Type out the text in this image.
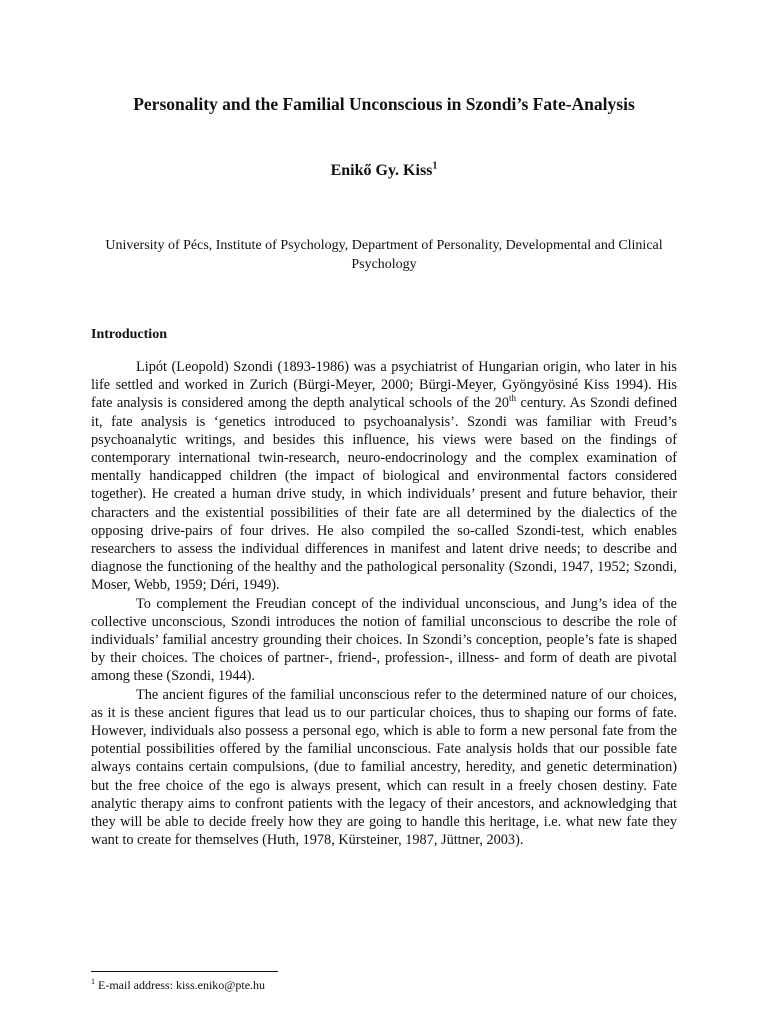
Personality and the Familial Unconscious in Szondi’s Fate-Analysis
Enikő Gy. Kiss$^1$
University of Pécs, Institute of Psychology, Department of Personality, Developmental and Clinical Psychology
Introduction

Lipót (Leopold) Szondi (1893-1986) was a psychiatrist of Hungarian origin, who later in his life settled and worked in Zurich (Bürgi-Meyer, 2000; Bürgi-Meyer, Gyöngyösiné Kiss 1994). His fate analysis is considered among the depth analytical schools of the 20th century. As Szondi defined it, fate analysis is ‘genetics introduced to psychoanalysis’. Szondi was familiar with Freud’s psychoanalytic writings, and besides this influence, his views were based on the findings of contemporary international twin-research, neuro-endocrinology and the complex examination of mentally handicapped children (the impact of biological and environmental factors considered together). He created a human drive study, in which individuals’ present and future behavior, their characters and the existential possibilities of their fate are all determined by the dialectics of the opposing drive-pairs of four drives. He also compiled the so-called Szondi-test, which enables researchers to assess the individual differences in manifest and latent drive needs; to describe and diagnose the functioning of the healthy and the pathological personality (Szondi, 1947, 1952; Szondi, Moser, Webb, 1959; Déri, 1949).

To complement the Freudian concept of the individual unconscious, and Jung’s idea of the collective unconscious, Szondi introduces the notion of familial unconscious to describe the role of individuals’ familial ancestry grounding their choices. In Szondi’s conception, people’s fate is shaped by their choices. The choices of partner-, friend-, profession-, illness- and form of death are pivotal among these (Szondi, 1944).

The ancient figures of the familial unconscious refer to the determined nature of our choices, as it is these ancient figures that lead us to our particular choices, thus to shaping our forms of fate. However, individuals also possess a personal ego, which is able to form a new personal fate from the potential possibilities offered by the familial unconscious. Fate analysis holds that our possible fate always contains certain compulsions, (due to familial ancestry, heredity, and genetic determination) but the free choice of the ego is always present, which can result in a freely chosen destiny. Fate analytic therapy aims to confront patients with the legacy of their ancestors, and acknowledging that they will be able to decide freely how they are going to handle this heritage, i.e. what new fate they want to create for themselves (Huth, 1978, Kürsteiner, 1987, Jüttner, 2003).

$^1$ E-mail address: kiss.eniko@pte.hu
